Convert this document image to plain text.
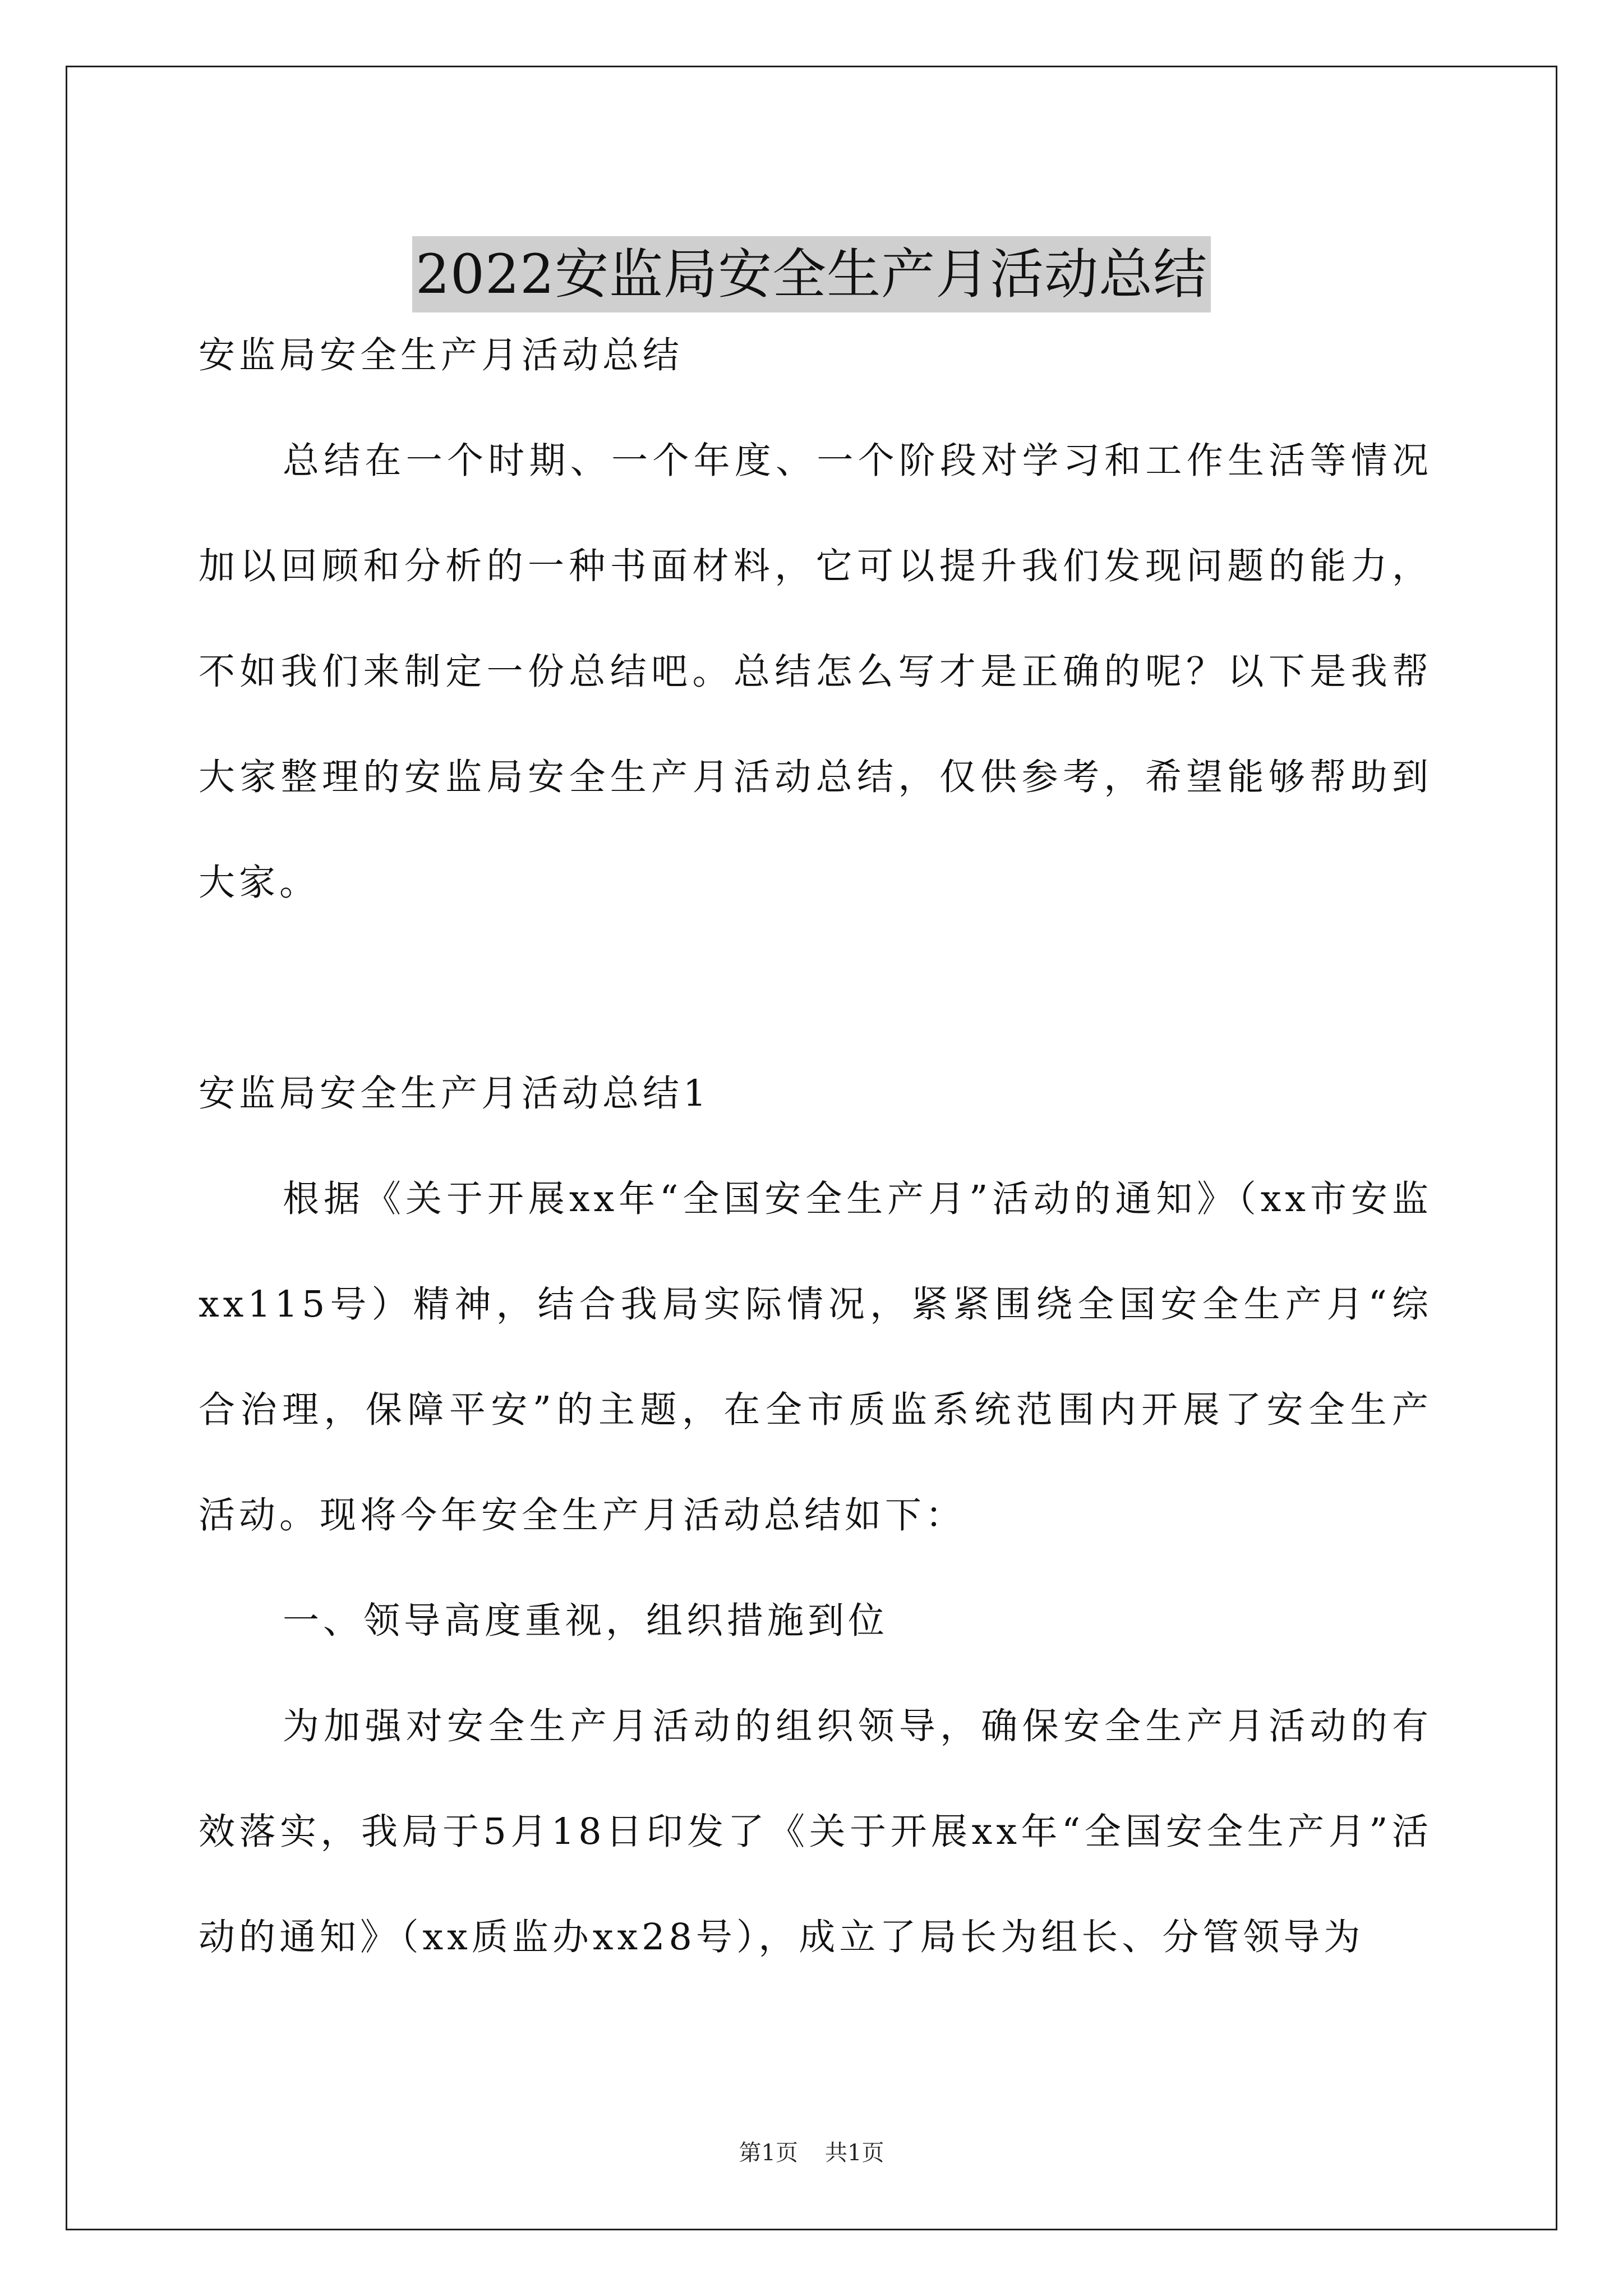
2022安监局安全生产月活动总结

安监局安全生产月活动总结

总结在一个时期、一个年度、一个阶段对学习和工作生活等情况加以回顾和分析的一种书面材料，它可以提升我们发现问题的能力，不如我们来制定一份总结吧。总结怎么写才是正确的呢？以下是我帮大家整理的安监局安全生产月活动总结，仅供参考，希望能够帮助到大家。

安监局安全生产月活动总结1

根据《关于开展xx年“全国安全生产月”活动的通知》（xx市安监xx115号）精神，结合我局实际情况，紧紧围绕全国安全生产月“综合治理，保障平安”的主题，在全市质监系统范围内开展了安全生产活动。现将今年安全生产月活动总结如下：

一、领导高度重视，组织措施到位

为加强对安全生产月活动的组织领导，确保安全生产月活动的有效落实，我局于5月18日印发了《关于开展xx年“全国安全生产月”活动的通知》（xx质监办xx28号），成立了局长为组长、分管领导为

第1页 共1页
